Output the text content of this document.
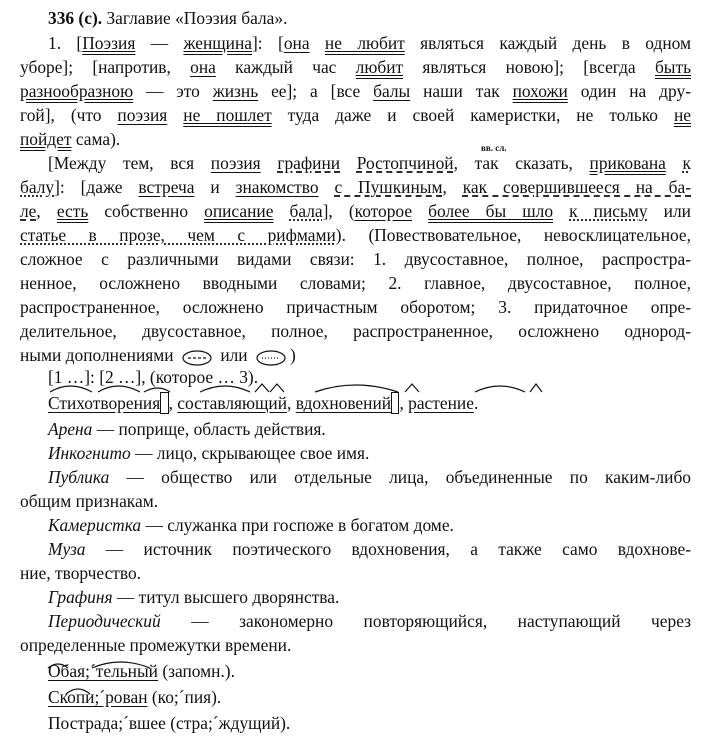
336 (с). Заглавие «Поэзия бала».
1. [Поэзия — женщина]: [она не любит являться каждый день в одном
уборе]; [напротив, она каждый час любит являться новою]; [всегда быть
разнообразною — это жизнь ее]; а [все балы наши так похожи один на дру-
гой], (что поэзия не пошлет туда даже и своей камеристки, не только не
пойдет сама).	вв. сл.
[Между тем, вся поэзия графини Ростопчиной, так сказать, прикована к
балу]: [даже встреча и знакомство с Пушкиным, как совершившееся на ба-
ле, есть собственно описание бала], (которое более бы шло к письму или
статье в прозе, чем с рифмами). (Повествовательное, невосклицательное,
сложное с различными видами связи: 1. двусоставное, полное, распростра-
ненное, осложнено вводными словами; 2. главное, двусоставное, полное,
распространенное, осложнено причастным оборотом; 3. придаточное опре-
делительное, двусоставное, полное, распространенное, осложнено однород-
ными дополнениями  или )
[1 …]: [2 …], (которое … 3).
Стихотворения , составляющий, вдохновений , растение.
Арена — поприще, область действия.
Инкогнито — лицо, скрывающее свое имя.
Публика — общество или отдельные лица, объединенные по каким-либо
общим признакам.
Камеристка — служанка при госпоже в богатом доме.
Муза — источник поэтического вдохновения, а также само вдохнове-
ние, творчество.
Графиня — титул высшего дворянства.
Периодический — закономерно повторяющийся, наступающий через
определенные промежутки времени.
Обая;´тельный (запомн.).
Скопи;´рован (ко;´пия).
Пострада;´вшее (стра;´ждущий).
